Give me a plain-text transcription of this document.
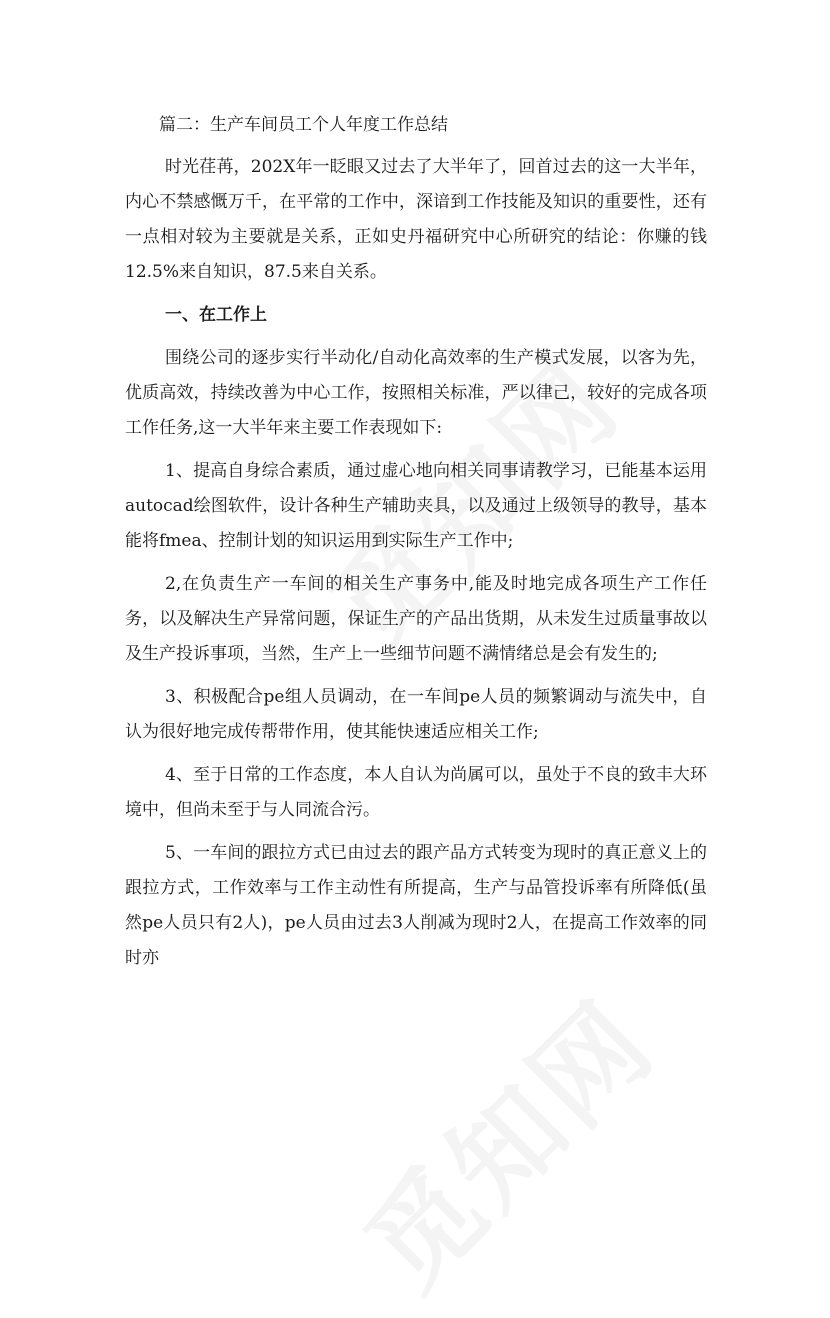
篇二：生产车间员工个人年度工作总结

时光荏苒，202X年一眨眼又过去了大半年了，回首过去的这一大半年，内心不禁感慨万千，在平常的工作中，深谙到工作技能及知识的重要性，还有一点相对较为主要就是关系，正如史丹福研究中心所研究的结论：你赚的钱12.5%来自知识，87.5来自关系。

一、在工作上

围绕公司的逐步实行半动化/自动化高效率的生产模式发展，以客为先，优质高效，持续改善为中心工作，按照相关标准，严以律己，较好的完成各项工作任务,这一大半年来主要工作表现如下:

1、提高自身综合素质，通过虚心地向相关同事请教学习，已能基本运用autocad绘图软件，设计各种生产辅助夹具，以及通过上级领导的教导，基本能将fmea、控制计划的知识运用到实际生产工作中;

2,在负责生产一车间的相关生产事务中,能及时地完成各项生产工作任务，以及解决生产异常问题，保证生产的产品出货期，从未发生过质量事故以及生产投诉事项，当然，生产上一些细节问题不满情绪总是会有发生的;

3、积极配合pe组人员调动，在一车间pe人员的频繁调动与流失中，自认为很好地完成传帮带作用，使其能快速适应相关工作;

4、至于日常的工作态度，本人自认为尚属可以，虽处于不良的致丰大环境中，但尚未至于与人同流合污。

5、一车间的跟拉方式已由过去的跟产品方式转变为现时的真正意义上的跟拉方式，工作效率与工作主动性有所提高，生产与品管投诉率有所降低(虽然pe人员只有2人)，pe人员由过去3人削减为现时2人，在提高工作效率的同时亦
